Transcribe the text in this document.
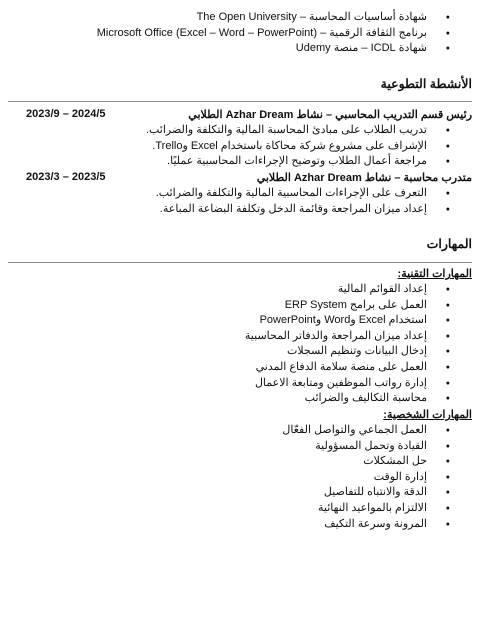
● شهادة أساسيات المحاسبة – The Open University
● برنامج الثقافة الرقمية – (Microsoft Office (Excel – Word – PowerPoint
● شهادة ICDL – منصة Udemy
الأنشطة التطوعية
رئيس قسم التدريب المحاسبي – نشاط Azhar Dream الطلابي
2023/9 – 2024/5
● تدريب الطلاب على مبادئ المحاسبة المالية والتكلفة والضرائب.
● الإشراف على مشروع شركة محاكاة باستخدام Excel وTrello.
● مراجعة أعمال الطلاب وتوضيح الإجراءات المحاسبية عمليًا.
متدرب محاسبة – نشاط Azhar Dream الطلابي
2023/3 – 2023/5
● التعرف على الإجراءات المحاسبية المالية والتكلفة والضرائب.
● إعداد ميزان المراجعة وقائمة الدخل وتكلفة البضاعة المباعة.
المهارات
المهارات التقنية:
● إعداد القوائم المالية
● العمل على برامج ERP System
● استخدام Excel وWord وPowerPoint
● إعداد ميزان المراجعة والدفاتر المحاسبية
● إدخال البيانات وتنظيم السجلات
● العمل على منصة سلامة الدفاع المدني
● إدارة رواتب الموظفين ومتابعة الاعمال
● محاسبة التكاليف والضرائب
المهارات الشخصية:
● العمل الجماعي والتواصل الفعّال
● القيادة وتحمل المسؤولية
● حل المشكلات
● إدارة الوقت
● الدقة والانتباه للتفاصيل
● الالتزام بالمواعيد النهائية
● المرونة وسرعة التكيف
